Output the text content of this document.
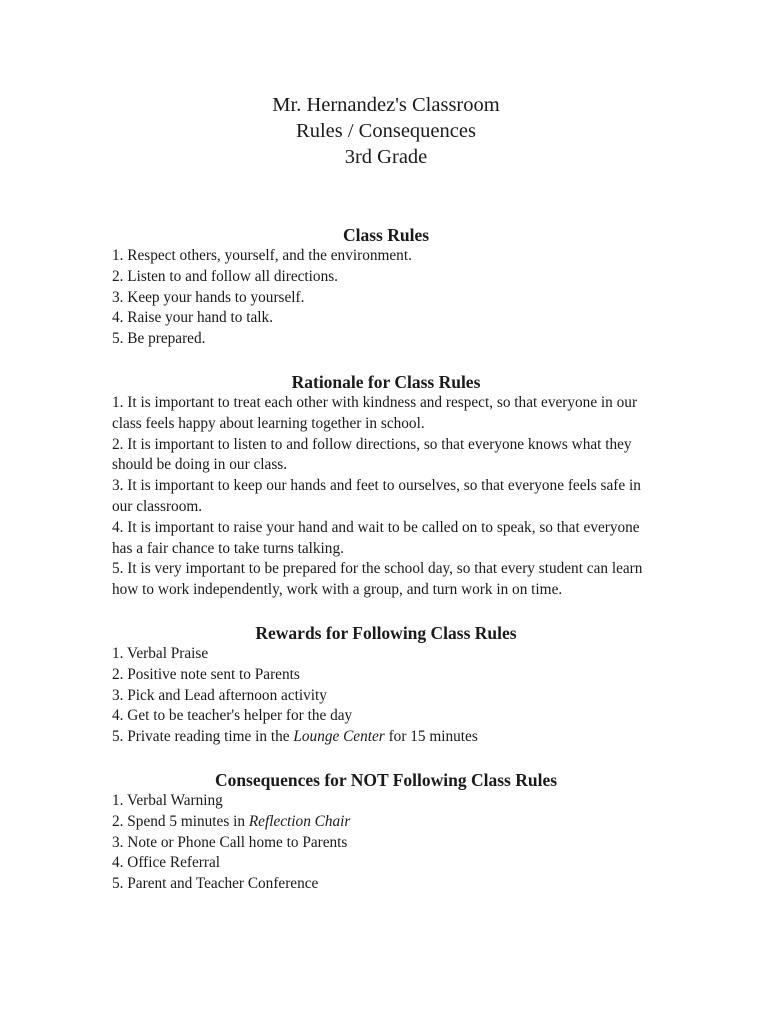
Mr. Hernandez's Classroom
Rules / Consequences
3rd Grade
Class Rules
1. Respect others, yourself, and the environment.
2. Listen to and follow all directions.
3. Keep your hands to yourself.
4. Raise your hand to talk.
5. Be prepared.
Rationale for Class Rules
1. It is important to treat each other with kindness and respect, so that everyone in our class feels happy about learning together in school.
2. It is important to listen to and follow directions, so that everyone knows what they should be doing in our class.
3. It is important to keep our hands and feet to ourselves, so that everyone feels safe in our classroom.
4. It is important to raise your hand and wait to be called on to speak, so that everyone has a fair chance to take turns talking.
5. It is very important to be prepared for the school day, so that every student can learn how to work independently, work with a group, and turn work in on time.
Rewards for Following Class Rules
1. Verbal Praise
2. Positive note sent to Parents
3. Pick and Lead afternoon activity
4. Get to be teacher's helper for the day
5. Private reading time in the Lounge Center for 15 minutes
Consequences for NOT Following Class Rules
1. Verbal Warning
2. Spend 5 minutes in Reflection Chair
3. Note or Phone Call home to Parents
4. Office Referral
5. Parent and Teacher Conference
